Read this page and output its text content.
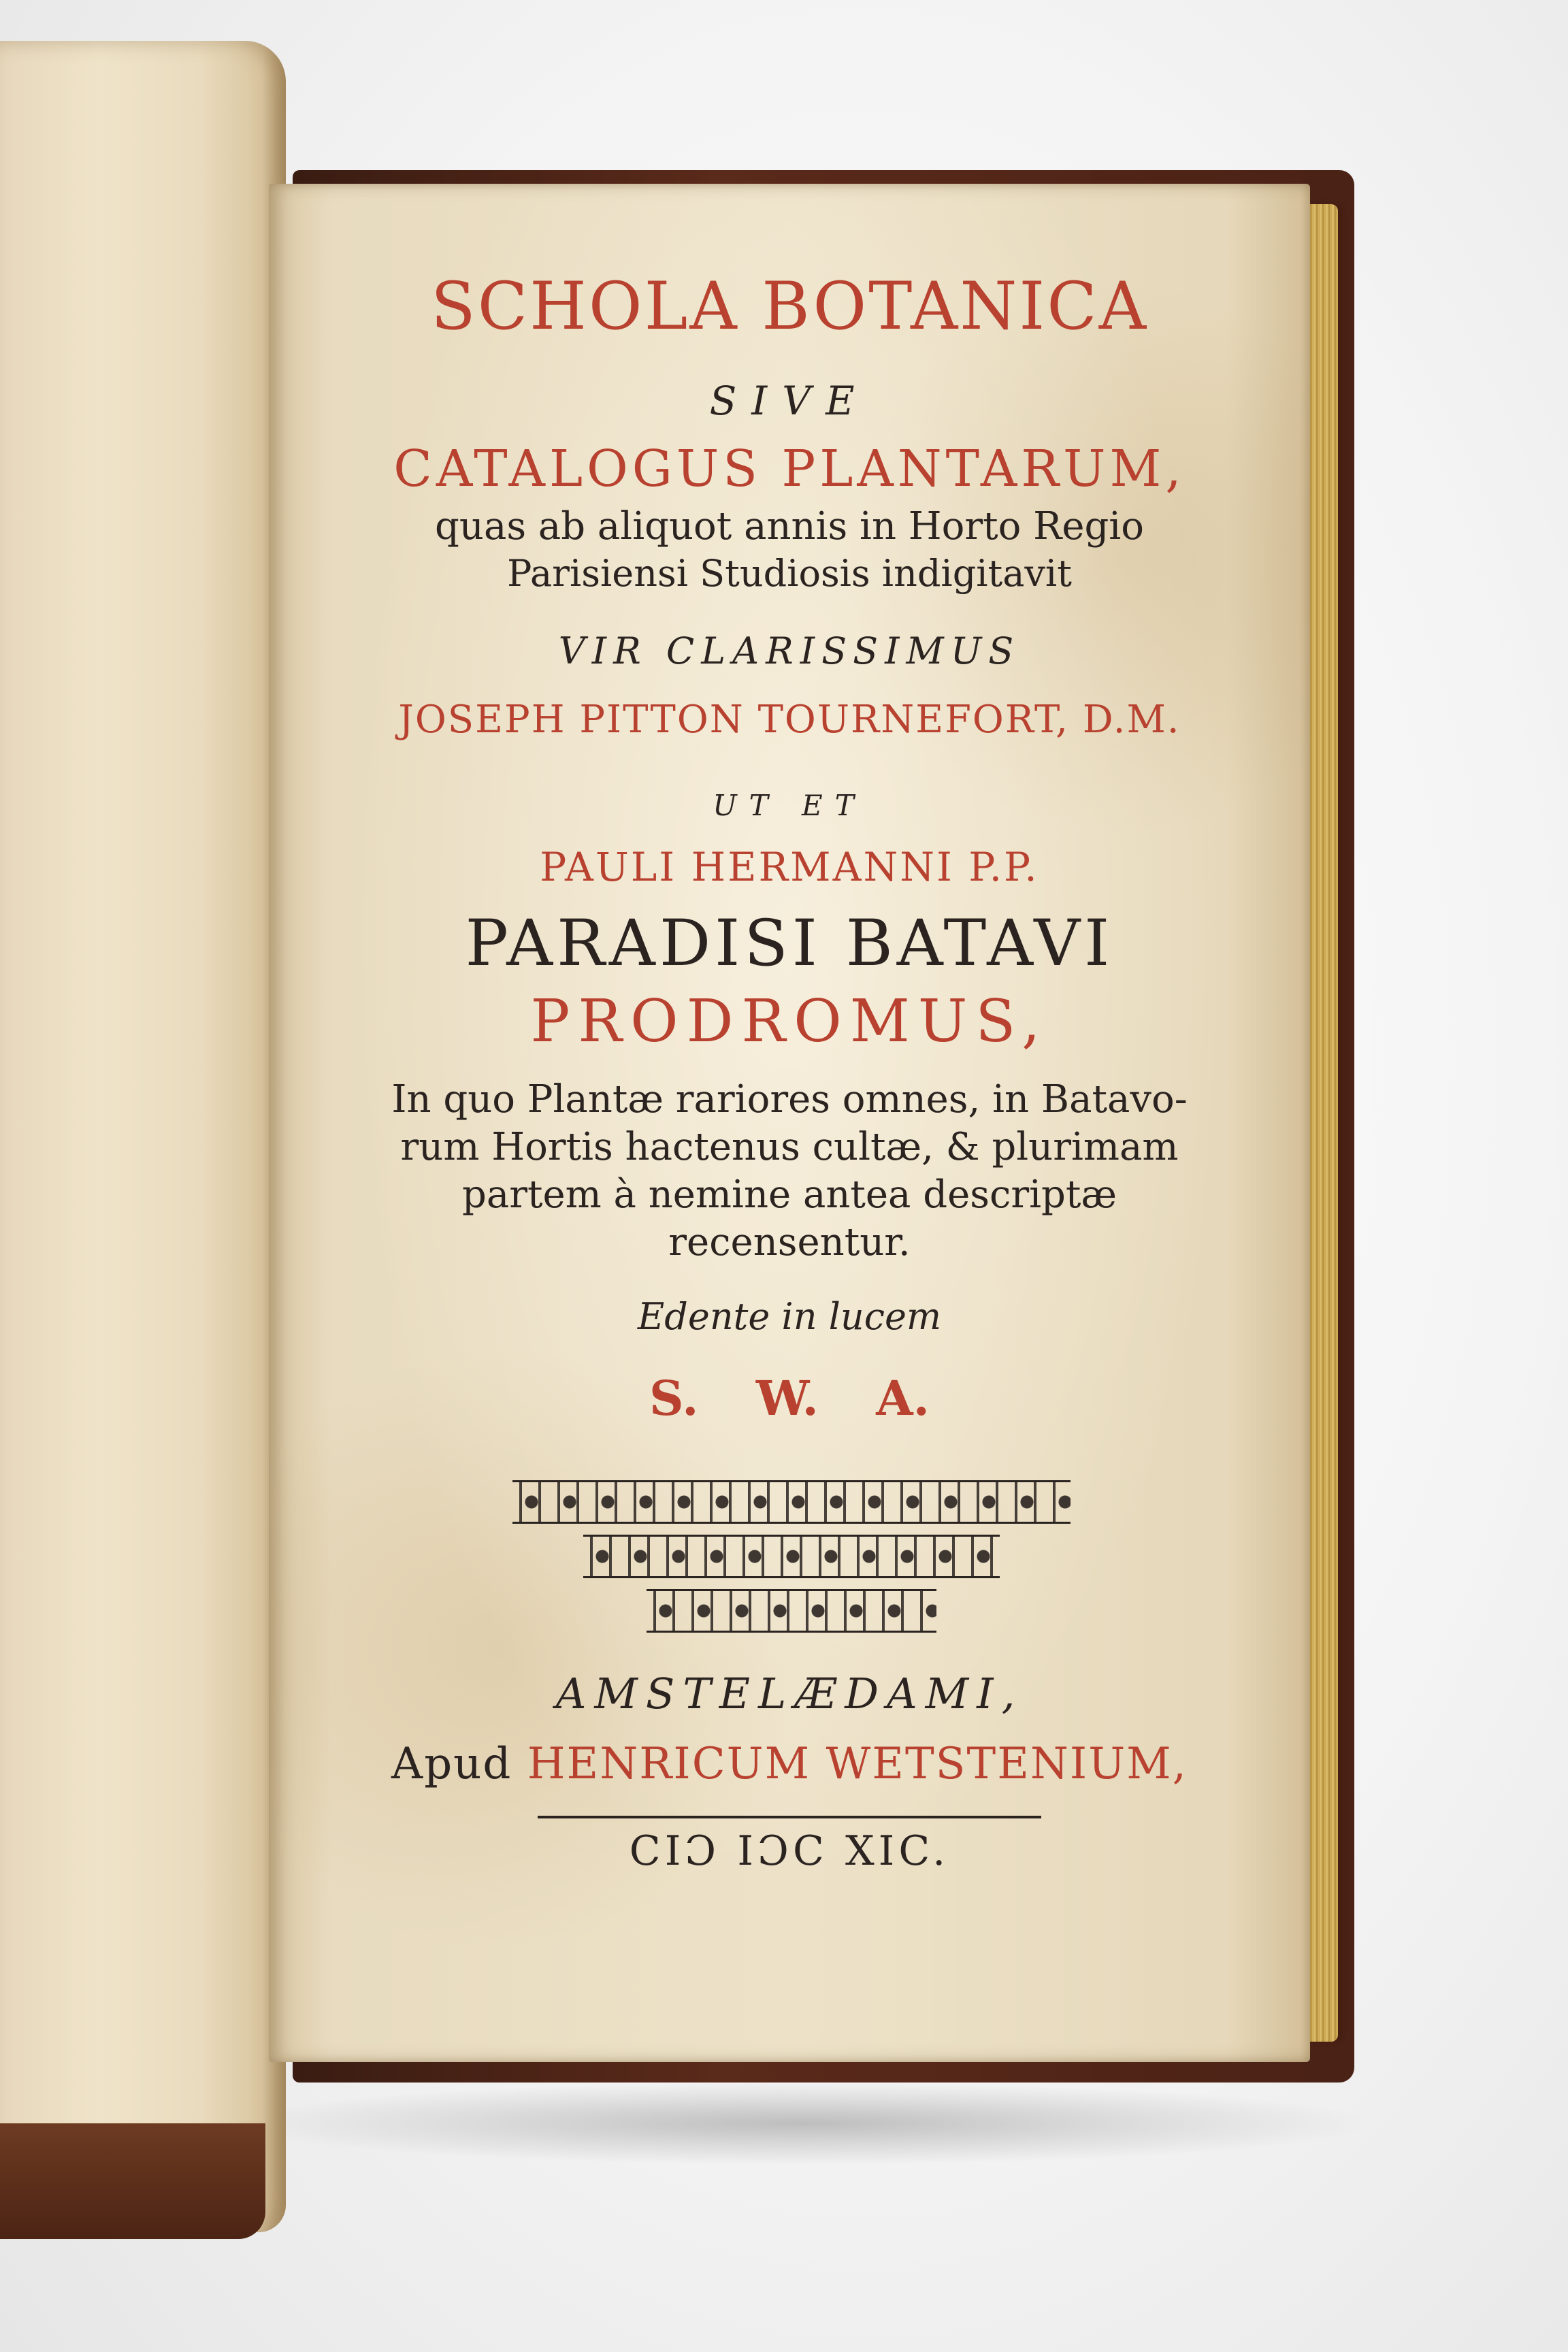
SCHOLA BOTANICA
SIVE
CATALOGUS PLANTARUM,
quas ab aliquot annis in Horto Regio
Parisiensi Studiosis indigitavit
VIR CLARISSIMUS
JOSEPH PITTON TOURNEFORT, D.M.
UT ET
PAULI HERMANNI P.P.
PARADISI BATAVI
PRODROMUS,
In quo Plantæ rariores omnes, in Batavo-
rum Hortis hactenus cultæ, & plurimam
partem à nemine antea descriptæ
recensentur.
Edente in lucem
S. W. A.
AMSTELÆDAMI,
Apud HENRICUM WETSTENIUM,
CIƆ IƆC XIC.
